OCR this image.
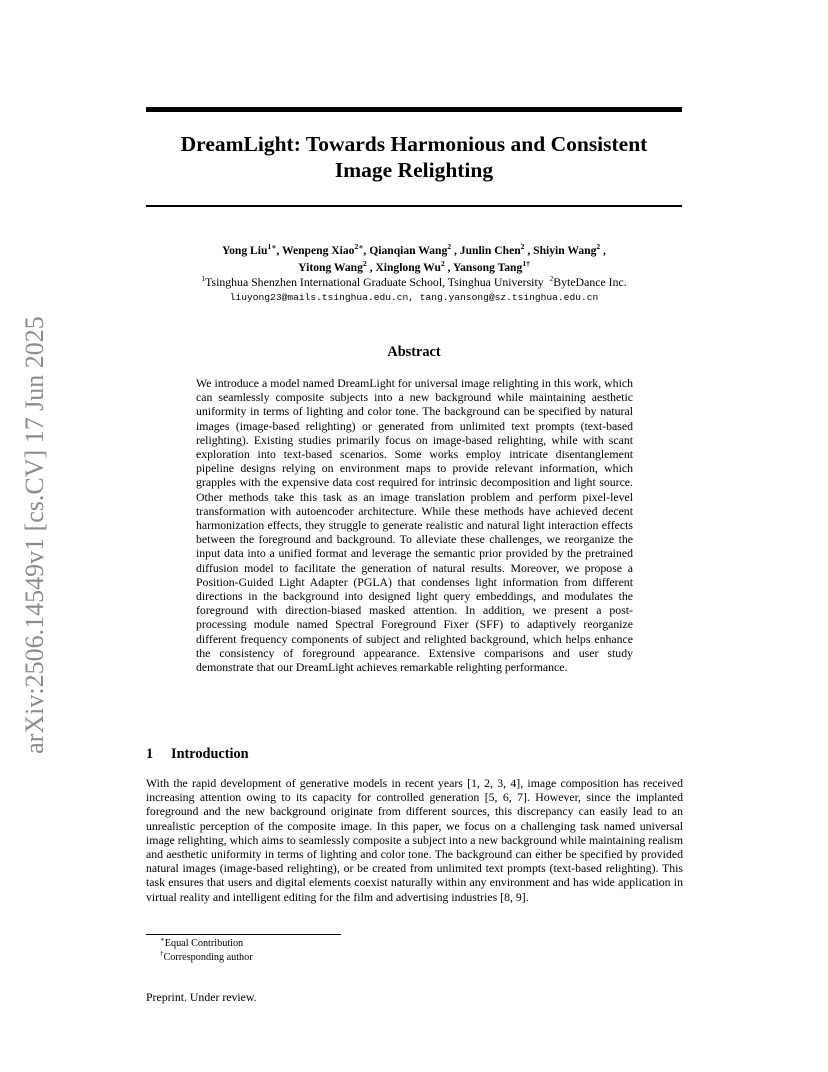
arXiv:2506.14549v1 [cs.CV] 17 Jun 2025
DreamLight: Towards Harmonious and Consistent
Image Relighting
Yong Liu$^{1∗}$, Wenpeng Xiao$^{2∗}$, Qianqian Wang$^2$ , Junlin Chen$^2$ , Shiyin Wang$^2$ ,
Yitong Wang$^2$ , Xinglong Wu$^2$ , Yansong Tang$^{1\dagger}$
$^1$Tsinghua Shenzhen International Graduate School, Tsinghua University $^2$ByteDance Inc.
liuyong23@mails.tsinghua.edu.cn, tang.yansong@sz.tsinghua.edu.cn
Abstract

We introduce a model named DreamLight for universal image relighting in this work, which can seamlessly composite subjects into a new background while maintaining aesthetic uniformity in terms of lighting and color tone. The background can be specified by natural images (image-based relighting) or generated from unlimited text prompts (text-based relighting). Existing studies primarily focus on image-based relighting, while with scant exploration into text-based scenarios. Some works employ intricate disentanglement pipeline designs relying on environment maps to provide relevant information, which grapples with the expensive data cost required for intrinsic decomposition and light source. Other methods take this task as an image translation problem and perform pixel-level transformation with autoencoder architecture. While these methods have achieved decent harmonization effects, they struggle to generate realistic and natural light interaction effects between the foreground and background. To alleviate these challenges, we reorganize the input data into a unified format and leverage the semantic prior provided by the pretrained diffusion model to facilitate the generation of natural results. Moreover, we propose a Position-Guided Light Adapter (PGLA) that condenses light information from different directions in the background into designed light query embeddings, and modulates the foreground with direction-biased masked attention. In addition, we present a post-processing module named Spectral Foreground Fixer (SFF) to adaptively reorganize different frequency components of subject and relighted background, which helps enhance the consistency of foreground appearance. Extensive comparisons and user study demonstrate that our DreamLight achieves remarkable relighting performance.

1 Introduction

With the rapid development of generative models in recent years [1, 2, 3, 4], image composition has received increasing attention owing to its capacity for controlled generation [5, 6, 7]. However, since the implanted foreground and the new background originate from different sources, this discrepancy can easily lead to an unrealistic perception of the composite image. In this paper, we focus on a challenging task named universal image relighting, which aims to seamlessly composite a subject into a new background while maintaining realism and aesthetic uniformity in terms of lighting and color tone. The background can either be specified by provided natural images (image-based relighting), or be created from unlimited text prompts (text-based relighting). This task ensures that users and digital elements coexist naturally within any environment and has wide application in virtual reality and intelligent editing for the film and advertising industries [8, 9].

∗Equal Contribution
†Corresponding author
Preprint. Under review.
